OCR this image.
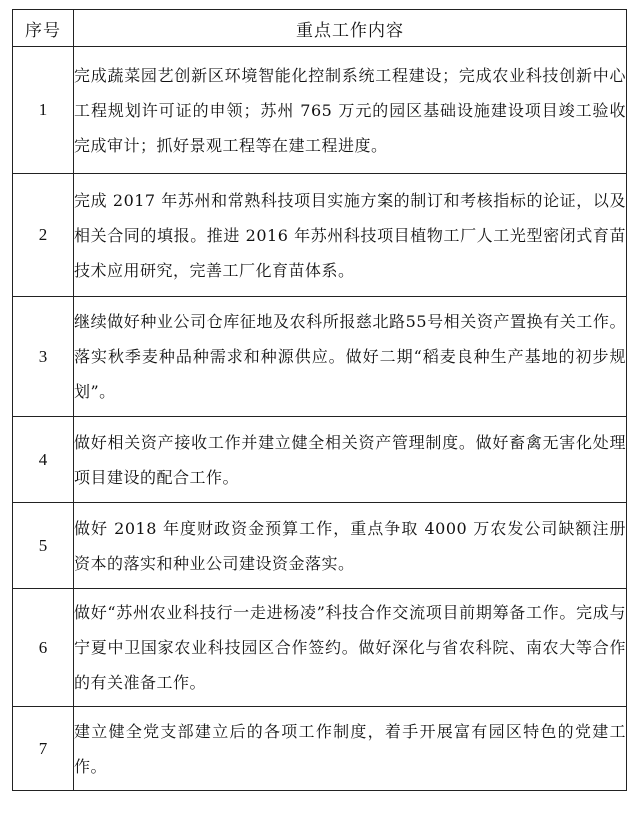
序号	重点工作内容
1	完成蔬菜园艺创新区环境智能化控制系统工程建设；完成农业科技创新中心工程规划许可证的申领；苏州 765 万元的园区基础设施建设项目竣工验收完成审计；抓好景观工程等在建工程进度。
2	完成 2017 年苏州和常熟科技项目实施方案的制订和考核指标的论证，以及相关合同的填报。推进 2016 年苏州科技项目植物工厂人工光型密闭式育苗技术应用研究，完善工厂化育苗体系。
3	继续做好种业公司仓库征地及农科所报慈北路55号相关资产置换有关工作。落实秋季麦种品种需求和种源供应。做好二期“稻麦良种生产基地的初步规划”。
4	做好相关资产接收工作并建立健全相关资产管理制度。做好畜禽无害化处理项目建设的配合工作。
5	做好 2018 年度财政资金预算工作，重点争取 4000 万农发公司缺额注册资本的落实和种业公司建设资金落实。
6	做好“苏州农业科技行一走进杨凌”科技合作交流项目前期筹备工作。完成与宁夏中卫国家农业科技园区合作签约。做好深化与省农科院、南农大等合作的有关准备工作。
7	建立健全党支部建立后的各项工作制度，着手开展富有园区特色的党建工作。
